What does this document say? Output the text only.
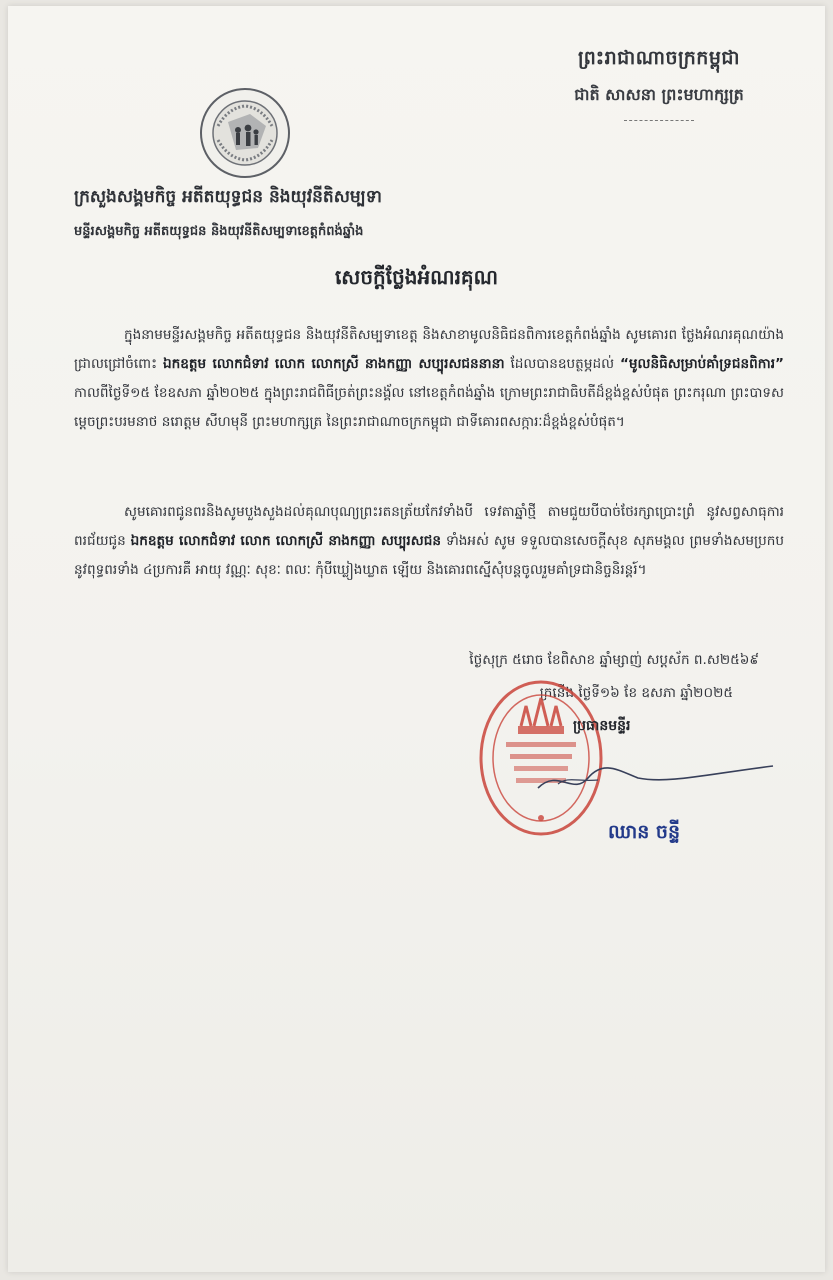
ព្រះរាជាណាចក្រកម្ពុជា
ជាតិ សាសនា ព្រះមហាក្សត្រ
ក្រសួងសង្គមកិច្ច អតីតយុទ្ធជន និងយុវនីតិសម្បទា
មន្ទីរសង្គមកិច្ច អតីតយុទ្ធជន និងយុវនីតិសម្បទាខេត្តកំពង់ឆ្នាំង
សេចក្តីថ្លែងអំណរគុណ
ក្នុងនាមមន្ទីរសង្គមកិច្ច អតីតយុទ្ធជន និងយុវនីតិសម្បទាខេត្ត និងសាខាមូលនិធិជនពិការខេត្តកំពង់ឆ្នាំង សូមគោរព ថ្លែងអំណរគុណយ៉ាងជ្រាលជ្រៅចំពោះ ឯកឧត្តម លោកជំទាវ លោក លោកស្រី នាងកញ្ញា សប្បុរសជននានា ដែលបានឧបត្ថម្ភដល់ “មូលនិធិសម្រាប់គាំទ្រជនពិការ” កាលពីថ្ងៃទី១៥ ខែឧសភា ឆ្នាំ២០២៥ ក្នុងព្រះរាជពិធីច្រត់ព្រះនង្គ័ល នៅខេត្តកំពង់ឆ្នាំង ក្រោមព្រះរាជាធិបតីដ៏ខ្ពង់ខ្ពស់បំផុត ព្រះករុណា ព្រះបាទសម្តេចព្រះបរមនាថ នរោត្តម សីហមុនី ព្រះមហាក្សត្រ នៃព្រះរាជាណាចក្រកម្ពុជា ជាទីគោរពសក្ការៈដ៏ខ្ពង់ខ្ពស់បំផុត។
សូមគោរពជូនពរនិងសូមបួងសួងដល់គុណបុណ្យព្រះរតនត្រ័យកែវទាំងបី ទេវតាឆ្នាំថ្មី តាមជួយបីបាច់ថែរក្សាប្រោះព្រំ នូវសព្វសាធុការពរជ័យជូន ឯកឧត្តម លោកជំទាវ លោក លោកស្រី នាងកញ្ញា សប្បុរសជន ទាំងអស់ សូម ទទួលបានសេចក្តីសុខ សុភមង្គល ព្រមទាំងសមប្រកបនូវពុទ្ធពរទាំង ៤ប្រការគឺ អាយុ វណ្ណៈ សុខៈ ពលៈ កុំបីឃ្លៀងឃ្លាត ឡើយ និងគោរពស្នើសុំបន្តចូលរួមគាំទ្រជានិច្ចនិរន្តរ៍។
ថ្ងៃសុក្រ ៥រោច ខែពិសាខ ឆ្នាំម្សាញ់ សប្តស័ក ព.ស២៥៦៩
ក្រនើង ថ្ងៃទី១៦ ខែ ឧសភា ឆ្នាំ២០២៥
ប្រធានមន្ទីរ
ឈាន ចន្ទី
